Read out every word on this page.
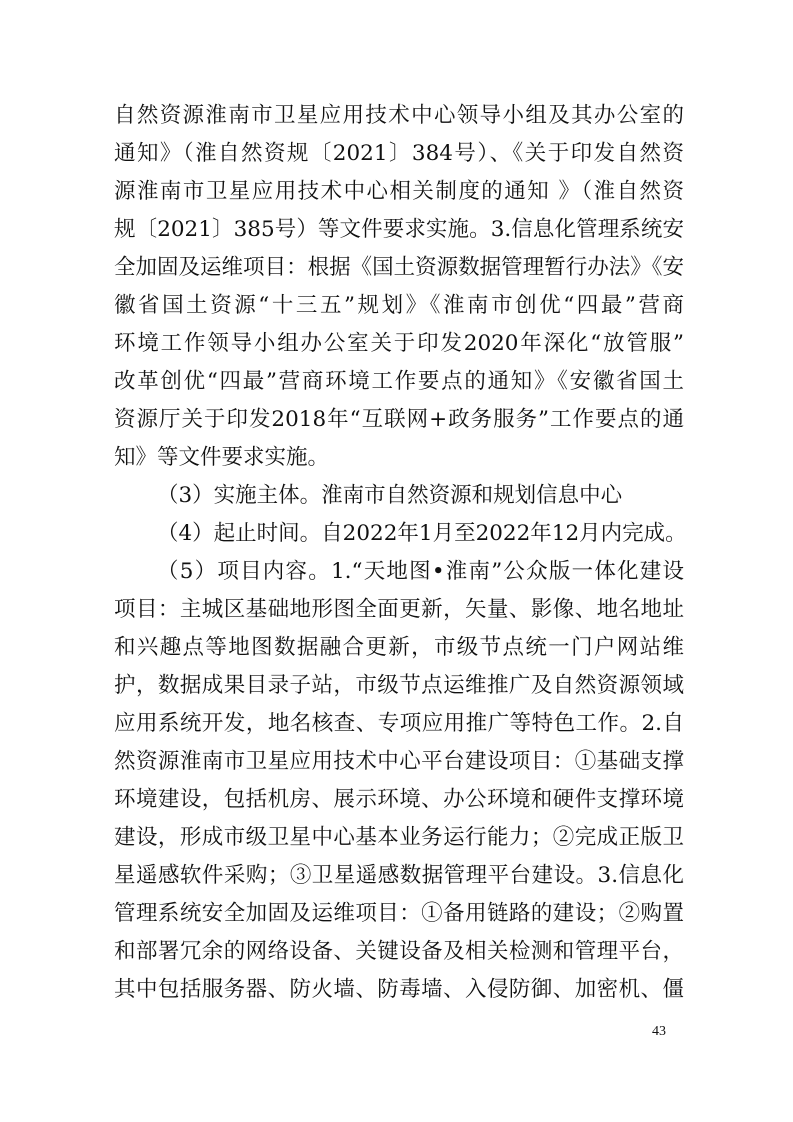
自然资源淮南市卫星应用技术中心领导小组及其办公室的
通知》（淮自然资规〔2021〕384号）、《关于印发自然资
源淮南市卫星应用技术中心相关制度的通知 》（淮自然资
规〔2021〕385号）等文件要求实施。3.信息化管理系统安
全加固及运维项目：根据《国土资源数据管理暂行办法》《安
徽省国土资源“十三五”规划》《淮南市创优“四最”营商
环境工作领导小组办公室关于印发2020年深化“放管服”
改革创优“四最”营商环境工作要点的通知》《安徽省国土
资源厅关于印发2018年“互联网+政务服务”工作要点的通
知》等文件要求实施。
（3）实施主体。淮南市自然资源和规划信息中心
（4）起止时间。自2022年1月至2022年12月内完成。
（5）项目内容。1.“天地图•淮南”公众版一体化建设
项目：主城区基础地形图全面更新，矢量、影像、地名地址
和兴趣点等地图数据融合更新，市级节点统一门户网站维
护，数据成果目录子站，市级节点运维推广及自然资源领域
应用系统开发，地名核查、专项应用推广等特色工作。2.自
然资源淮南市卫星应用技术中心平台建设项目：①基础支撑
环境建设，包括机房、展示环境、办公环境和硬件支撑环境
建设，形成市级卫星中心基本业务运行能力；②完成正版卫
星遥感软件采购；③卫星遥感数据管理平台建设。3.信息化
管理系统安全加固及运维项目：①备用链路的建设；②购置
和部署冗余的网络设备、关键设备及相关检测和管理平台，
其中包括服务器、防火墙、防毒墙、入侵防御、加密机、僵
43
